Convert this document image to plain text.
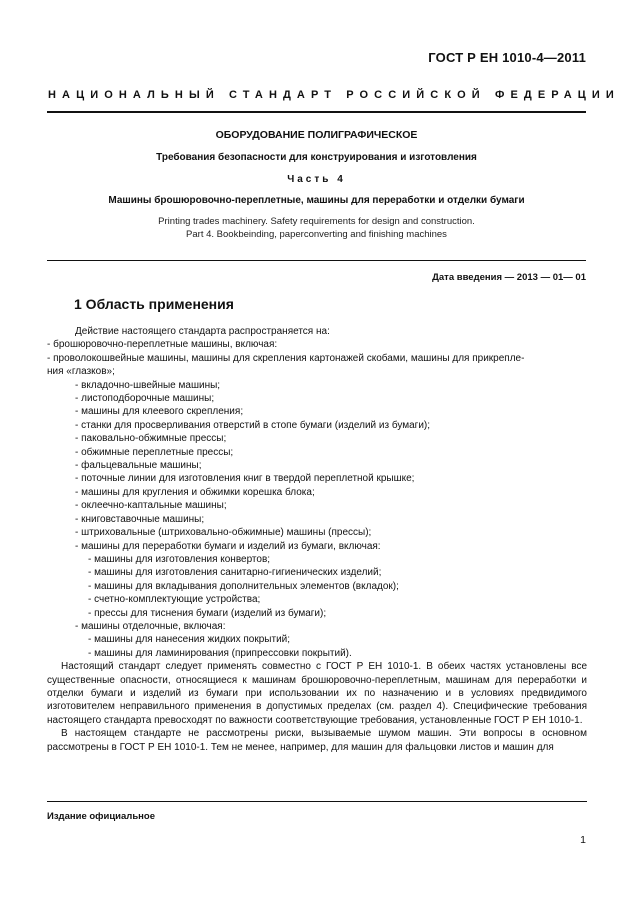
ГОСТ Р ЕН 1010-4—2011
НАЦИОНАЛЬНЫЙ СТАНДАРТ РОССИЙСКОЙ ФЕДЕРАЦИИ
ОБОРУДОВАНИЕ ПОЛИГРАФИЧЕСКОЕ
Требования безопасности для конструирования и изготовления
Часть 4
Машины брошюровочно-переплетные, машины для переработки и отделки бумаги
Printing trades machinery. Safety requirements for design and construction.
Part 4. Bookbeinding, paperconverting and finishing machines
Дата введения — 2013 — 01— 01
1 Область применения

Действие настоящего стандарта распространяется на:

- брошюровочно-переплетные машины, включая:

- проволокошвейные машины, машины для скрепления картонажей скобами, машины для прикрепле-

ния «глазков»;

- вкладочно-швейные машины;

- листоподборочные машины;

- машины для клеевого скрепления;

- станки для просверливания отверстий в стопе бумаги (изделий из бумаги);

- паковально-обжимные прессы;

- обжимные переплетные прессы;

- фальцевальные машины;

- поточные линии для изготовления книг в твердой переплетной крышке;

- машины для кругления и обжимки корешка блока;

- оклеечно-каптальные машины;

- книговставочные машины;

- штриховальные (штриховально-обжимные) машины (прессы);

- машины для переработки бумаги и изделий из бумаги, включая:

- машины для изготовления конвертов;

- машины для изготовления санитарно-гигиенических изделий;

- машины для вкладывания дополнительных элементов (вкладок);

- счетно-комплектующие устройства;

- прессы для тиснения бумаги (изделий из бумаги);

- машины отделочные, включая:

- машины для нанесения жидких покрытий;

- машины для ламинирования (припрессовки покрытий).

Настоящий стандарт следует применять совместно с ГОСТ Р ЕН 1010-1. В обеих частях установлены все существенные опасности, относящиеся к машинам брошюровочно-переплетным, машинам для переработки и отделки бумаги и изделий из бумаги при использовании их по назначению и в условиях предвидимого изготовителем неправильного применения в допустимых пределах (см. раздел 4). Специфические требования настоящего стандарта превосходят по важности соответствующие требования, установленные ГОСТ Р ЕН 1010-1.

В настоящем стандарте не рассмотрены риски, вызываемые шумом машин. Эти вопросы в основном рассмотрены в ГОСТ Р ЕН 1010-1. Тем не менее, например, для машин для фальцовки листов и машин для

Издание официальное
1
